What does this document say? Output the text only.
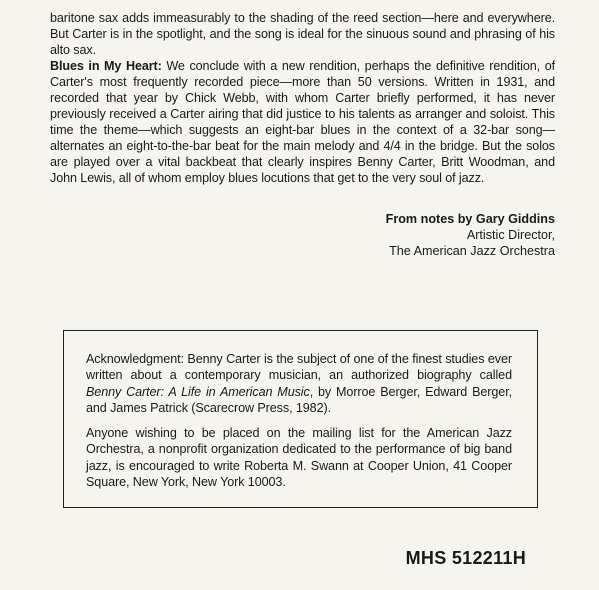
baritone sax adds immeasurably to the shading of the reed section—here and everywhere. But Carter is in the spotlight, and the song is ideal for the sinuous sound and phrasing of his alto sax.

Blues in My Heart: We conclude with a new rendition, perhaps the definitive rendition, of Carter's most frequently recorded piece—more than 50 versions. Written in 1931, and recorded that year by Chick Webb, with whom Carter briefly performed, it has never previously received a Carter airing that did justice to his talents as arranger and soloist. This time the theme—which suggests an eight-bar blues in the context of a 32-bar song—alternates an eight-to-the-bar beat for the main melody and 4/4 in the bridge. But the solos are played over a vital backbeat that clearly inspires Benny Carter, Britt Woodman, and John Lewis, all of whom employ blues locutions that get to the very soul of jazz.

From notes by Gary Giddins
Artistic Director,
The American Jazz Orchestra

Acknowledgment: Benny Carter is the subject of one of the finest studies ever written about a contemporary musician, an authorized biography called Benny Carter: A Life in American Music, by Morroe Berger, Edward Berger, and James Patrick (Scarecrow Press, 1982).

Anyone wishing to be placed on the mailing list for the American Jazz Orchestra, a nonprofit organization dedicated to the performance of big band jazz, is encouraged to write Roberta M. Swann at Cooper Union, 41 Cooper Square, New York, New York 10003.

MHS 512211H
